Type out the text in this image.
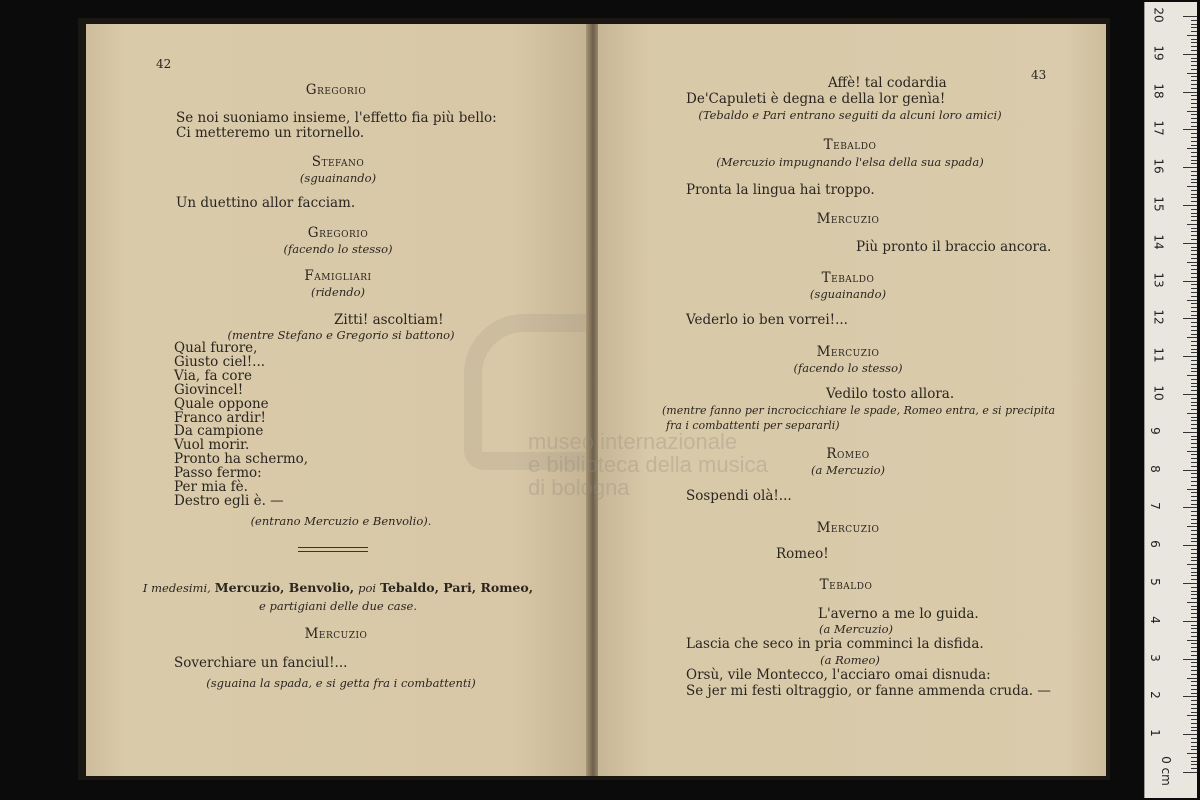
42
Gregorio
Se noi suoniamo insieme, l'effetto fia più bello:
Ci metteremo un ritornello.
Stefano
(sguainando)
Un duettino allor facciam.
Gregorio
(facendo lo stesso)
Famigliari
(ridendo)
Zitti! ascoltiam!
(mentre Stefano e Gregorio si battono)
Qual furore,
Giusto ciel!...
Via, fa core
Giovincel!
Quale oppone
Franco ardir!
Da campione
Vuol morir.
Pronto ha schermo,
Passo fermo:
Per mia fè.
Destro egli è. —
(entrano Mercuzio e Benvolio).
I medesimi, Mercuzio, Benvolio, poi Tebaldo, Pari, Romeo,
e partigiani delle due case.
Mercuzio
Soverchiare un fanciul!...
(sguaina la spada, e si getta fra i combattenti)
43
Affè! tal codardia
De'Capuleti è degna e della lor genìa!
(Tebaldo e Pari entrano seguiti da alcuni loro amici)
Tebaldo
(Mercuzio impugnando l'elsa della sua spada)
Pronta la lingua hai troppo.
Mercuzio
Più pronto il braccio ancora.
Tebaldo
(sguainando)
Vederlo io ben vorrei!...
Mercuzio
(facendo lo stesso)
Vedilo tosto allora.
(mentre fanno per incrocicchiare le spade, Romeo entra, e si precipita
fra i combattenti per separarli)
Romeo
(a Mercuzio)
Sospendi olà!...
Mercuzio
Romeo!
Tebaldo
L'averno a me lo guida.
(a Mercuzio)
Lascia che seco in pria comminci la disfida.
(a Romeo)
Orsù, vile Montecco, l'acciaro omai disnuda:
Se jer mi festi oltraggio, or fanne ammenda cruda. —
museo internazionale
e biblioteca della musica
di bologna
0 cm
1
2
3
4
5
6
7
8
9
10
11
12
13
14
15
16
17
18
19
20
